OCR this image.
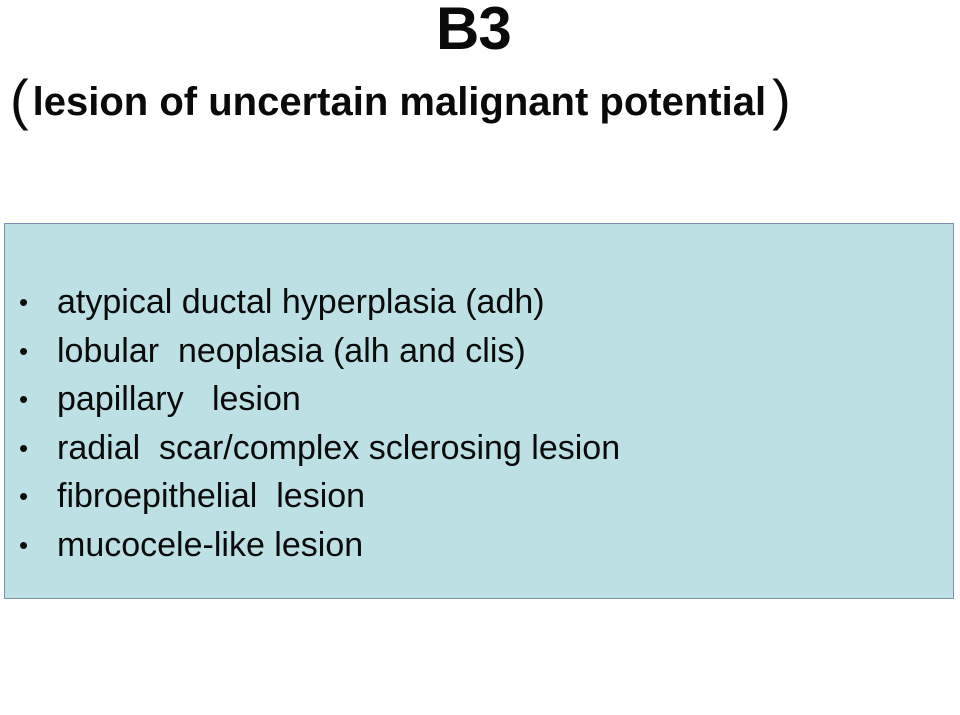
B3
( lesion of uncertain malignant potential )

•

atypical ductal hyperplasia (adh)

•

lobular  neoplasia (alh and clis)

•

papillary   lesion

•

radial  scar/complex sclerosing lesion

•

fibroepithelial  lesion

•

mucocele-like lesion
